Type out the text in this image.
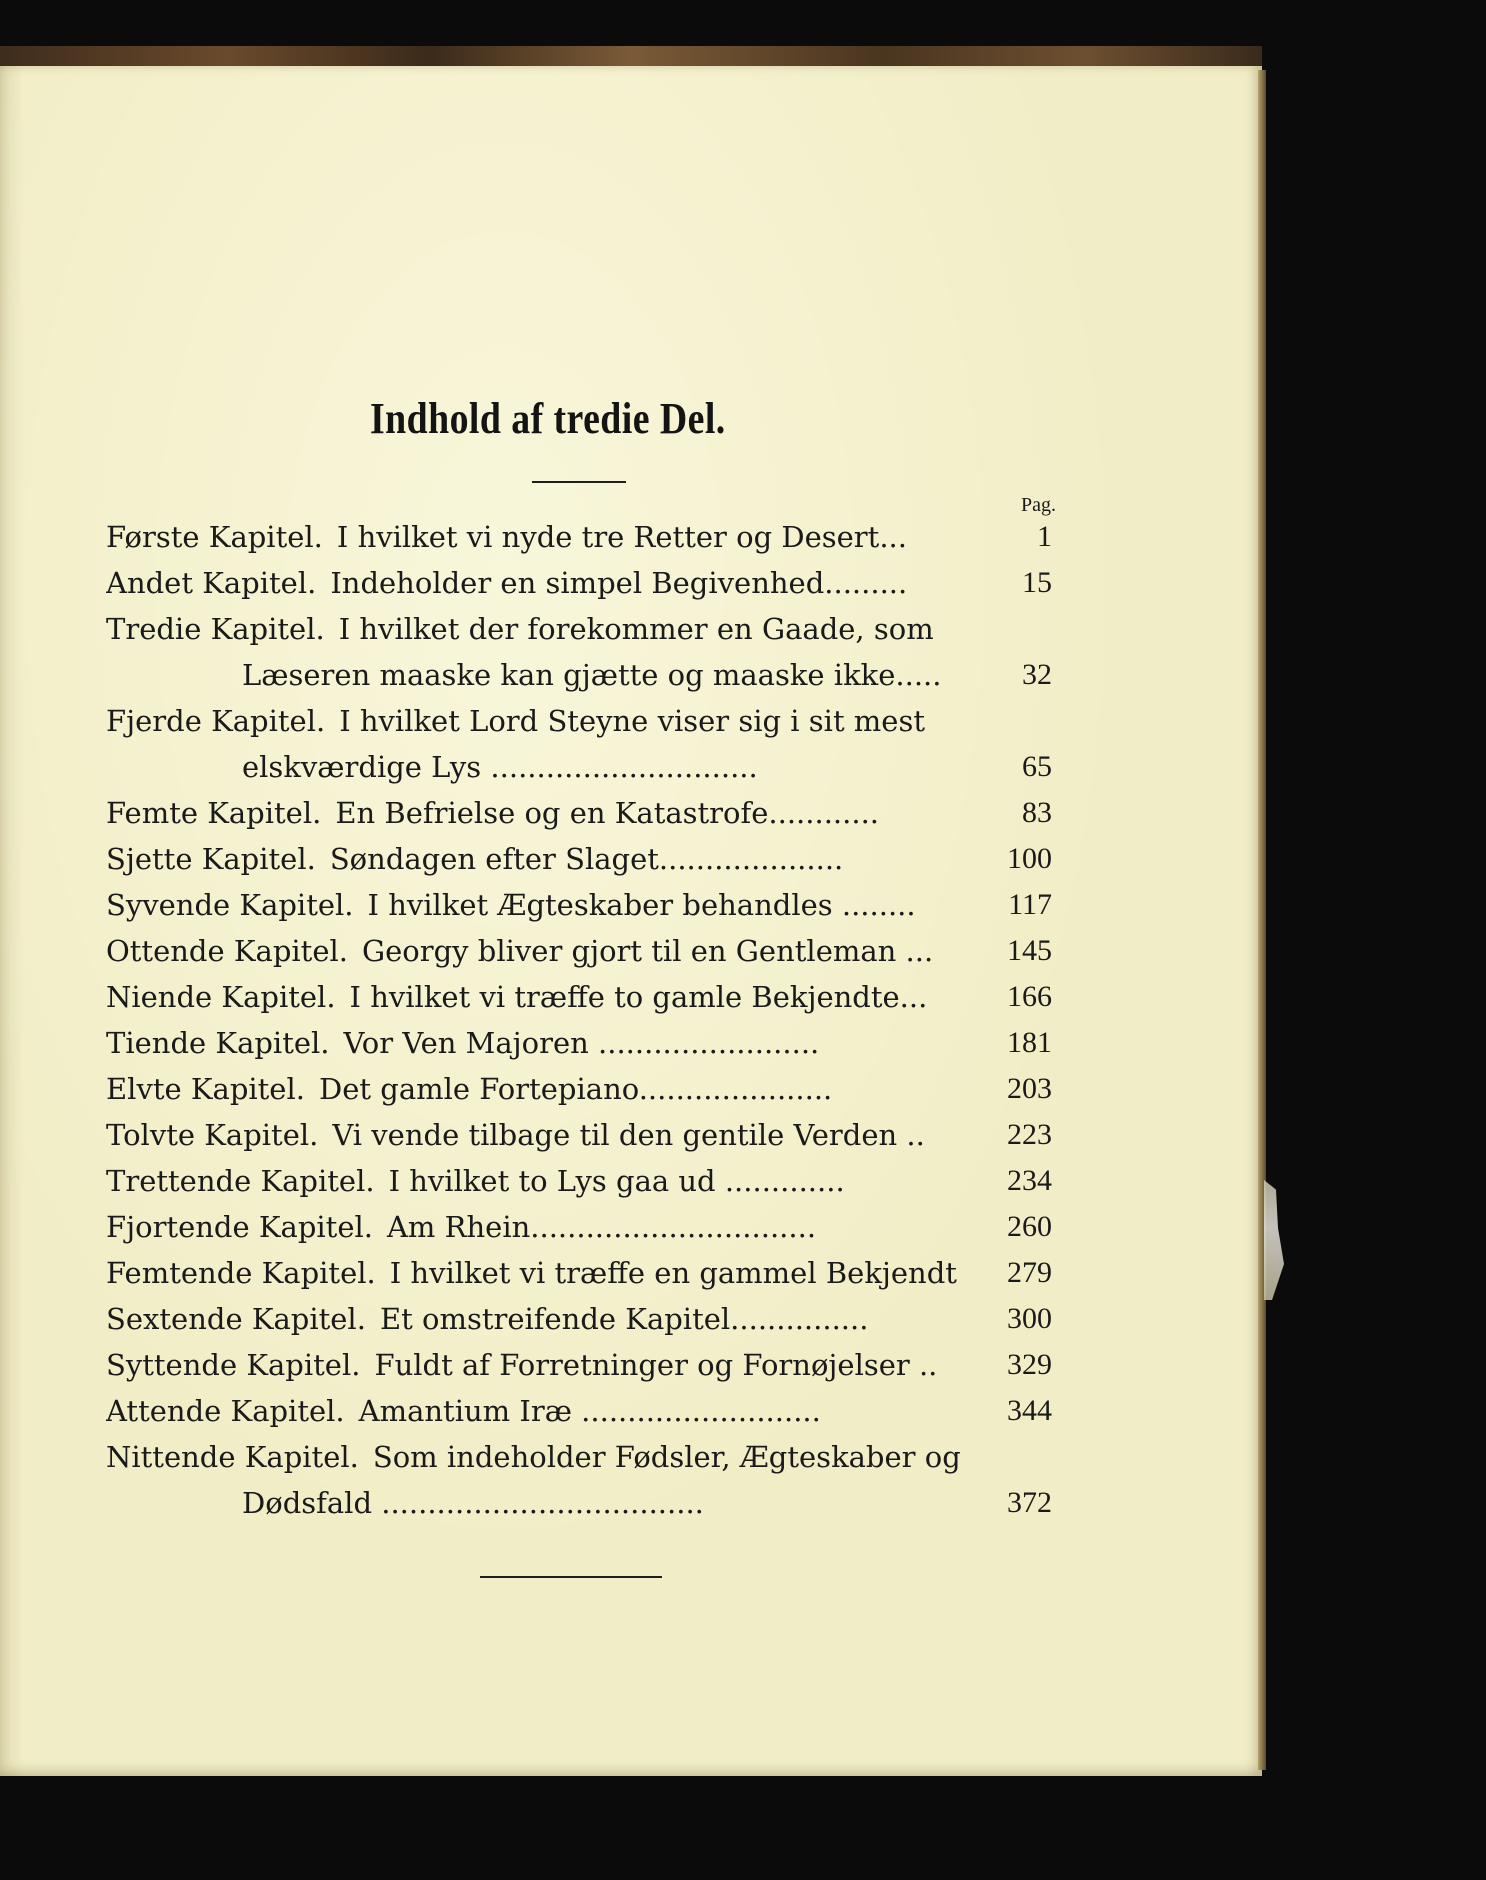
Indhold af tredie Del.
Pag.
Første Kapitel. I hvilket vi nyde tre Retter og Desert...	1
Andet Kapitel. Indeholder en simpel Begivenhed.........	15
Tredie Kapitel. I hvilket der forekommer en Gaade, som
Læseren maaske kan gjætte og maaske ikke.....	32
Fjerde Kapitel. I hvilket Lord Steyne viser sig i sit mest
elskværdige Lys .............................	65
Femte Kapitel. En Befrielse og en Katastrofe............	83
Sjette Kapitel. Søndagen efter Slaget....................	100
Syvende Kapitel. I hvilket Ægteskaber behandles ........	117
Ottende Kapitel. Georgy bliver gjort til en Gentleman ...	145
Niende Kapitel. I hvilket vi træffe to gamle Bekjendte...	166
Tiende Kapitel. Vor Ven Majoren ........................	181
Elvte Kapitel. Det gamle Fortepiano.....................	203
Tolvte Kapitel. Vi vende tilbage til den gentile Verden ..	223
Trettende Kapitel. I hvilket to Lys gaa ud .............	234
Fjortende Kapitel. Am Rhein...............................	260
Femtende Kapitel. I hvilket vi træffe en gammel Bekjendt	279
Sextende Kapitel. Et omstreifende Kapitel...............	300
Syttende Kapitel. Fuldt af Forretninger og Fornøjelser ..	329
Attende Kapitel. Amantium Iræ ..........................	344
Nittende Kapitel. Som indeholder Fødsler, Ægteskaber og
Dødsfald ...................................	372
